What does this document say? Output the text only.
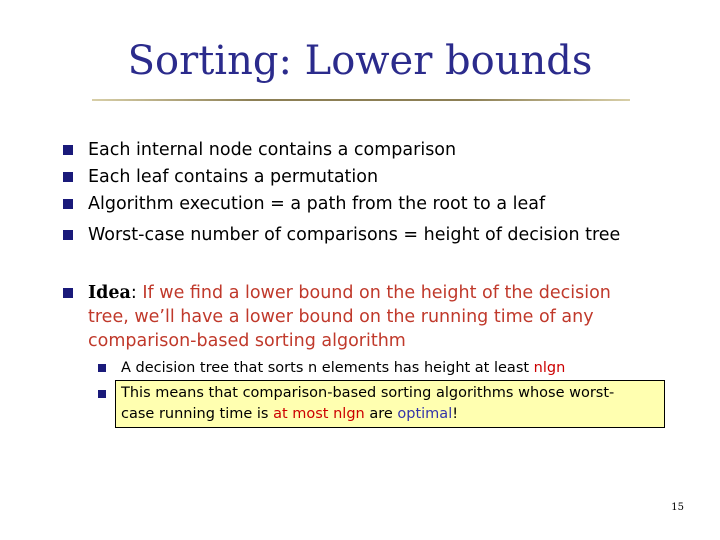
Sorting: Lower bounds
Each internal node contains a comparison
Each leaf contains a permutation
Algorithm execution = a path from the root to a leaf
Worst-case number of comparisons = height of decision tree
Idea: If we find a lower bound on the height of the decision
tree, we’ll have a lower bound on the running time of any
comparison-based sorting algorithm
A decision tree that sorts n elements has height at least nlgn
This means that comparison-based sorting algorithms whose worst-
case running time is at most nlgn are optimal!
15
